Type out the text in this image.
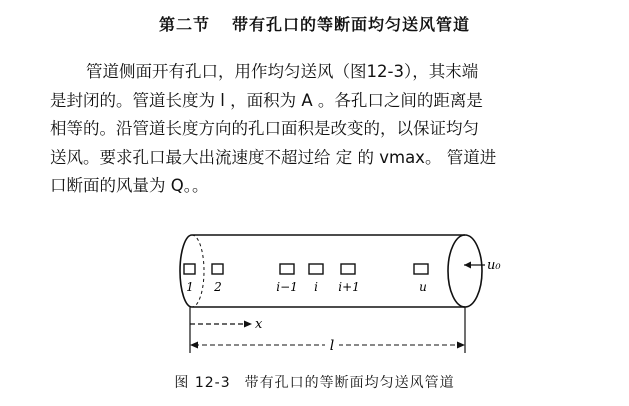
第二节 带有孔口的等断面均匀送风管道
管道侧面开有孔口，用作均匀送风（图12-3），其末端
是封闭的。管道长度为 l ，面积为 A 。各孔口之间的距离是
相等的。沿管道长度方向的孔口面积是改变的，以保证均匀
送风。要求孔口最大出流速度不超过给 定 的 vmax。 管道进
口断面的风量为 Q。。
1 2	i−1 i i+1	u
u₀
x
l
图 12-3 带有孔口的等断面均匀送风管道
